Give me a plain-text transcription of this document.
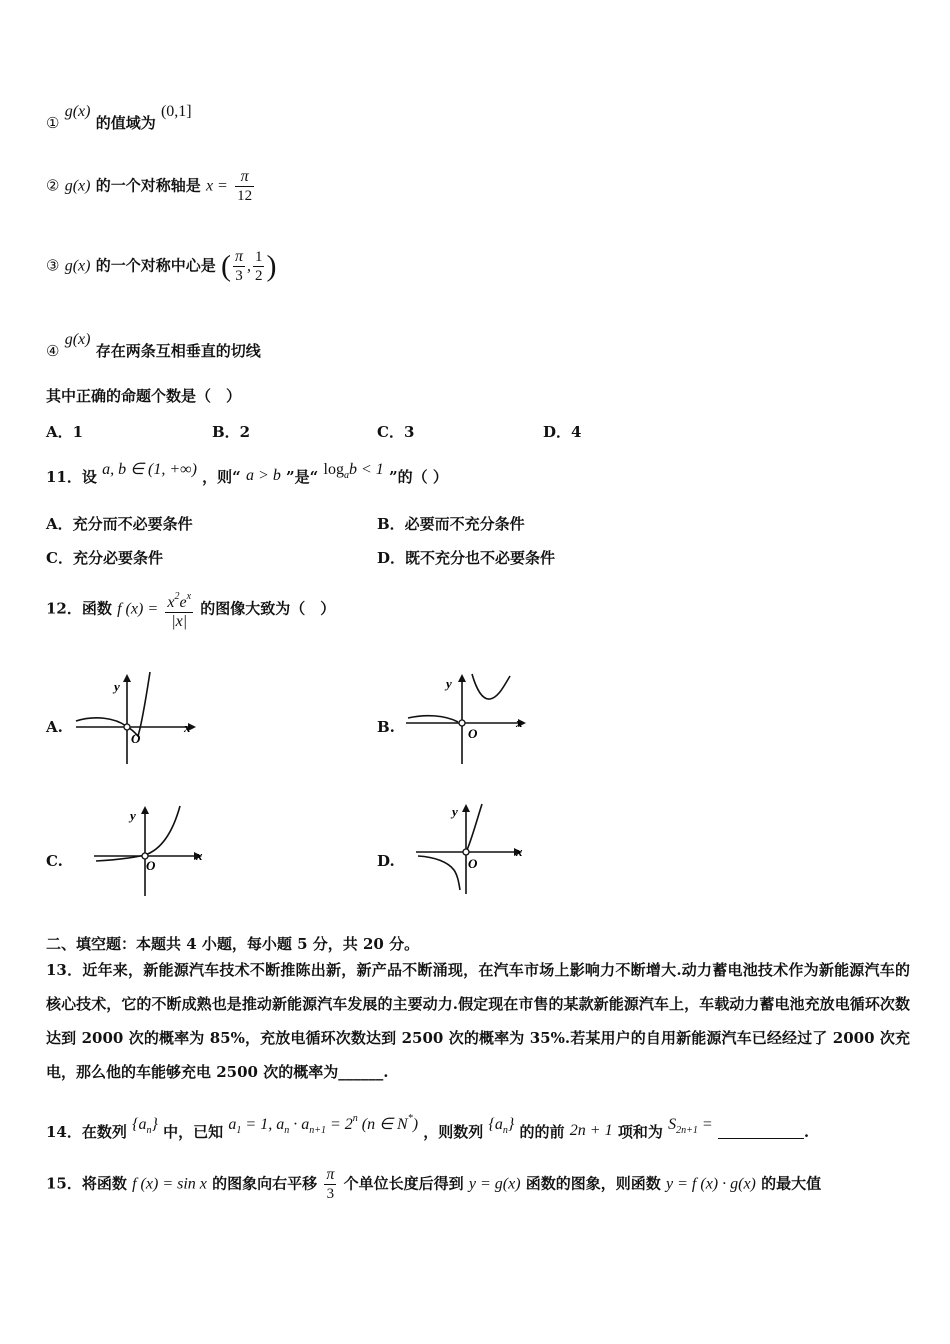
① g(x) 的值域为 (0,1]
② g(x) 的一个对称轴是 $x = \frac{\pi}{12}$
③ g(x) 的一个对称中心是 ( $\frac{\pi}{3}$ , $\frac{1}{2}$ )
④ g(x) 存在两条互相垂直的切线
其中正确的命题个数是（　）
A．1	B．2	C．3	D．4
11．设 a, b ∈ (1, +∞) ，则“ a > b ”是“ $\log_ab < 1$ ”的（ ）
A．充分而不必要条件	B．必要而不充分条件
C．充分必要条件	D．既不充分也不必要条件
12．函数 f $(x) = \frac{x^2e^x}{|x|}$ 的图像大致为（　）
A.	B.
C.	D.
y
x
O
y
x
O
y
x
O
y
x
O
二、填空题：本题共 4 小题，每小题 5 分，共 20 分。
13．近年来，新能源汽车技术不断推陈出新，新产品不断涌现，在汽车市场上影响力不断增大.动力蓄电池技术作为新能源汽车的核心技术，它的不断成熟也是推动新能源汽车发展的主要动力.假定现在市售的某款新能源汽车上，车载动力蓄电池充放电循环次数达到 2000 次的概率为 85%，充放电循环次数达到 2500 次的概率为 35%.若某用户的自用新能源汽车已经经过了 2000 次充电，那么他的车能够充电 2500 次的概率为______.
14．在数列 $\{a_n\}$ 中，已知 $a_1 = 1$, $a_n \cdot a_{n+1} = 2^n$ (n ∈ N*) ，则数列 $\{a_n\}$ 的的前 2n + 1 项和为 $S_{2n+1}$ =	.
15．将函数 f (x) = sin x 的图象向右平移 $\frac{\pi}{3}$ 个单位长度后得到 y = g(x) 函数的图象，则函数 y = f (x) · g(x) 的最大值
